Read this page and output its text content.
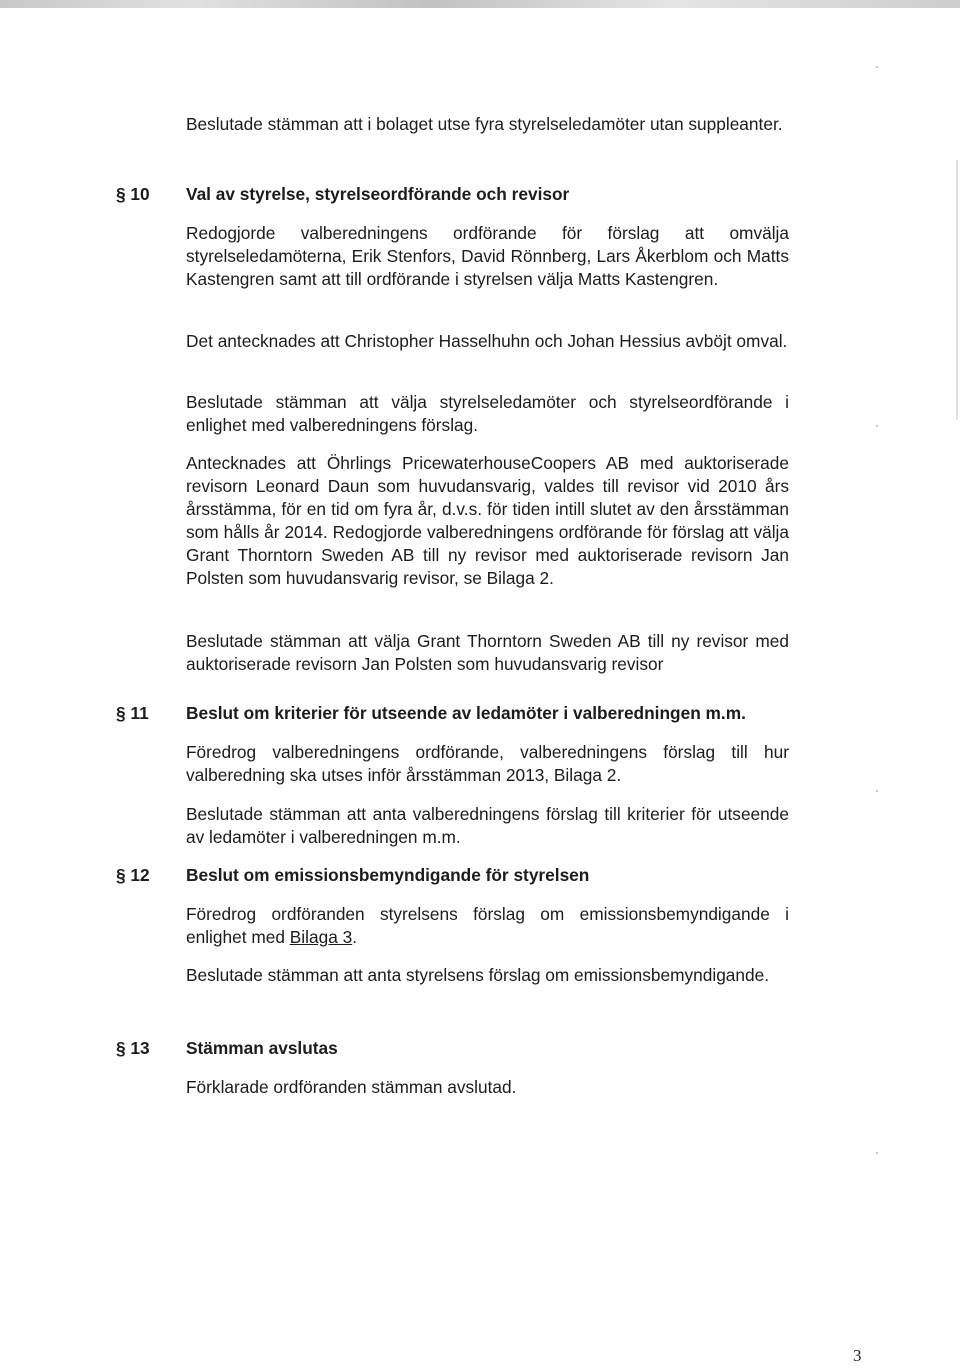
Beslutade stämman att i bolaget utse fyra styrelseledamöter utan suppleanter.

§ 10 Val av styrelse, styrelseordförande och revisor

Redogjorde valberedningens ordförande för förslag att omvälja styrelseledamöterna, Erik Stenfors, David Rönnberg, Lars Åkerblom och Matts Kastengren samt att till ordförande i styrelsen välja Matts Kastengren.

Det antecknades att Christopher Hasselhuhn och Johan Hessius avböjt omval.

Beslutade stämman att välja styrelseledamöter och styrelseordförande i enlighet med valberedningens förslag.

Antecknades att Öhrlings PricewaterhouseCoopers AB med auktoriserade revisorn Leonard Daun som huvudansvarig, valdes till revisor vid 2010 års årsstämma, för en tid om fyra år, d.v.s. för tiden intill slutet av den årsstämman som hålls år 2014. Redogjorde valberedningens ordförande för förslag att välja Grant Thorntorn Sweden AB till ny revisor med auktoriserade revisorn Jan Polsten som huvudansvarig revisor, se Bilaga 2.

Beslutade stämman att välja Grant Thorntorn Sweden AB till ny revisor med auktoriserade revisorn Jan Polsten som huvudansvarig revisor

§ 11 Beslut om kriterier för utseende av ledamöter i valberedningen m.m.

Föredrog valberedningens ordförande, valberedningens förslag till hur valberedning ska utses inför årsstämman 2013, Bilaga 2.

Beslutade stämman att anta valberedningens förslag till kriterier för utseende av ledamöter i valberedningen m.m.

§ 12 Beslut om emissionsbemyndigande för styrelsen

Föredrog ordföranden styrelsens förslag om emissionsbemyndigande i enlighet med Bilaga 3.

Beslutade stämman att anta styrelsens förslag om emissionsbemyndigande.

§ 13 Stämman avslutas

Förklarade ordföranden stämman avslutad.

3
